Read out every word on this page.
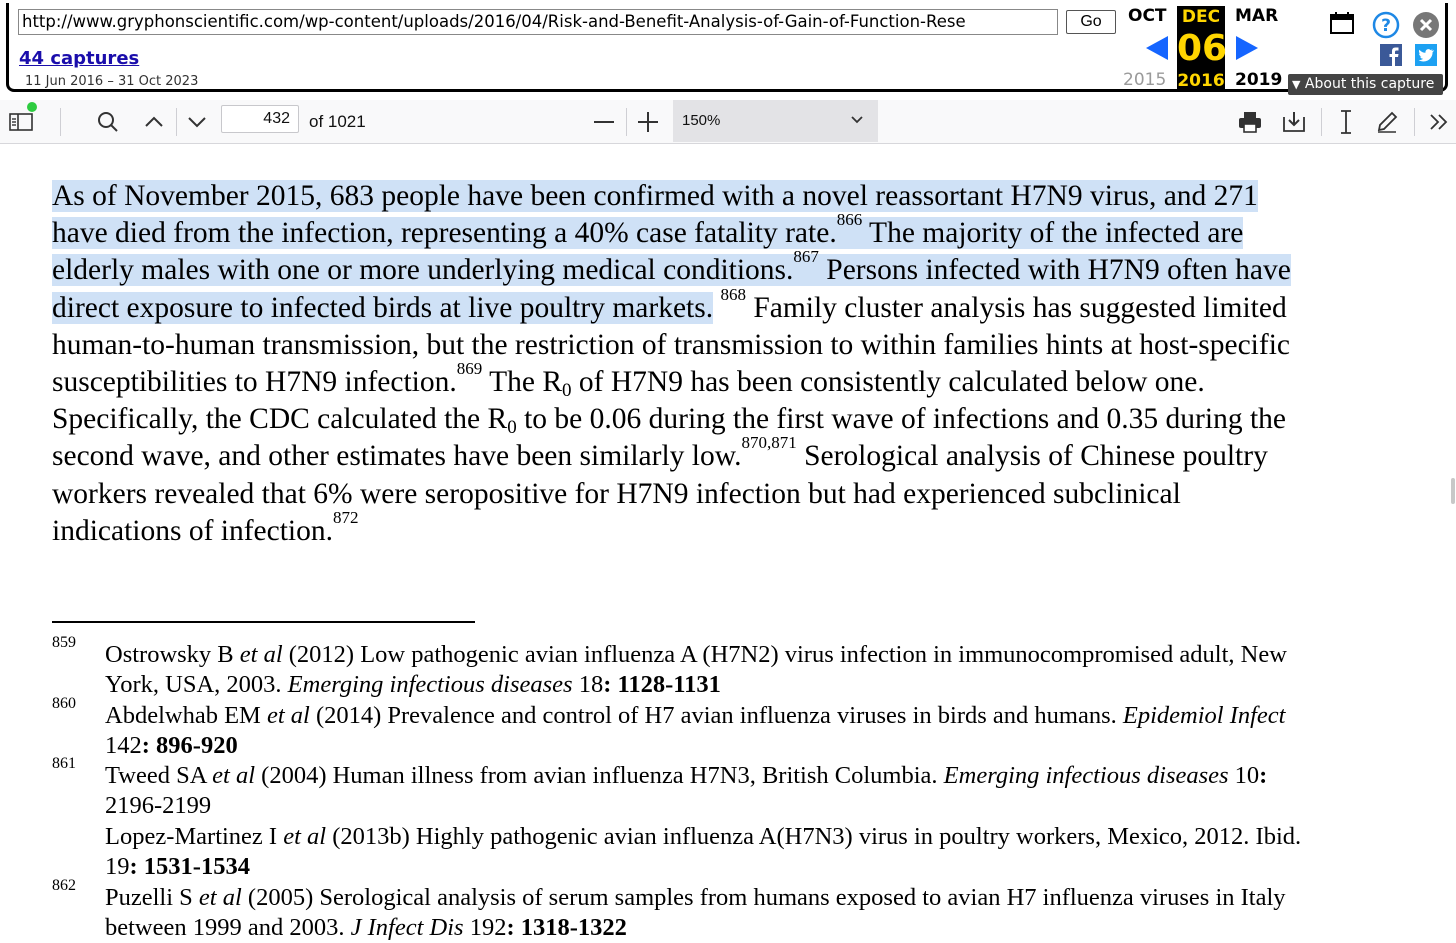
http://www.gryphonscientific.com/wp-content/uploads/2016/04/Risk-and-Benefit-Analysis-of-Gain-of-Function-Rese	Go
44 captures
11 Jun 2016 – 31 Oct 2023
OCT DEC MAR
06
2015 2016 2019 ▼ About this capture
?
432	of 1021	150%
As of November 2015, 683 people have been confirmed with a novel reassortant H7N9 virus, and 271
have died from the infection, representing a 40% case fatality rate.$^{866}$ The majority of the infected are
elderly males with one or more underlying medical conditions.$^{867}$ Persons infected with H7N9 often have
direct exposure to infected birds at live poultry markets. $^{868}$ Family cluster analysis has suggested limited
human-to-human transmission, but the restriction of transmission to within families hints at host-specific
susceptibilities to H7N9 infection.$^{869}$ The R0 of H7N9 has been consistently calculated below one.
Specifically, the CDC calculated the R0 to be 0.06 during the first wave of infections and 0.35 during the
second wave, and other estimates have been similarly low.$^{870,871}$ Serological analysis of Chinese poultry
workers revealed that 6% were seropositive for H7N9 infection but had experienced subclinical
indications of infection.$^{872}$
859 Ostrowsky B et al (2012) Low pathogenic avian influenza A (H7N2) virus infection in immunocompromised adult, New
York, USA, 2003. Emerging infectious diseases 18: 1128-1131
860 Abdelwhab EM et al (2014) Prevalence and control of H7 avian influenza viruses in birds and humans. Epidemiol Infect
142: 896-920
861 Tweed SA et al (2004) Human illness from avian influenza H7N3, British Columbia. Emerging infectious diseases 10:
2196-2199
Lopez-Martinez I et al (2013b) Highly pathogenic avian influenza A(H7N3) virus in poultry workers, Mexico, 2012. Ibid.
19: 1531-1534
862 Puzelli S et al (2005) Serological analysis of serum samples from humans exposed to avian H7 influenza viruses in Italy
between 1999 and 2003. J Infect Dis 192: 1318-1322
